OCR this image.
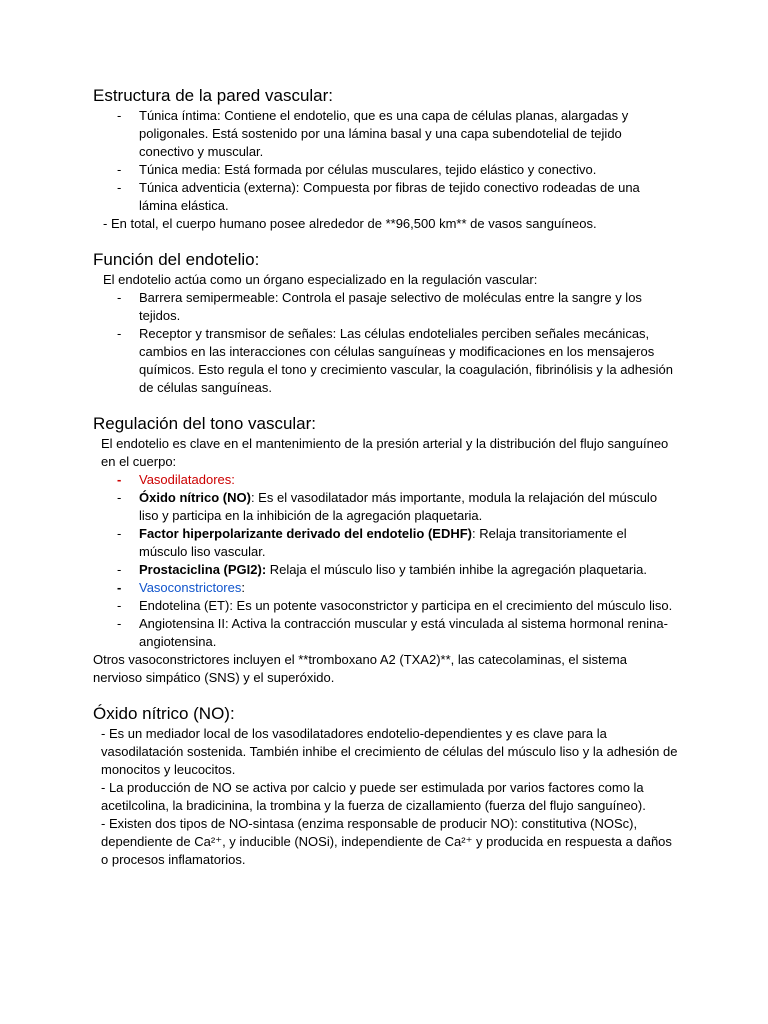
Estructura de la pared vascular:
- Túnica íntima: Contiene el endotelio, que es una capa de células planas, alargadas y poligonales. Está sostenido por una lámina basal y una capa subendotelial de tejido conectivo y muscular.
- Túnica media: Está formada por células musculares, tejido elástico y conectivo.
- Túnica adventicia (externa): Compuesta por fibras de tejido conectivo rodeadas de una lámina elástica.

- En total, el cuerpo humano posee alrededor de **96,500 km** de vasos sanguíneos.

Función del endotelio:

El endotelio actúa como un órgano especializado en la regulación vascular:

- Barrera semipermeable: Controla el pasaje selectivo de moléculas entre la sangre y los tejidos.
- Receptor y transmisor de señales: Las células endoteliales perciben señales mecánicas, cambios en las interacciones con células sanguíneas y modificaciones en los mensajeros químicos. Esto regula el tono y crecimiento vascular, la coagulación, fibrinólisis y la adhesión de células sanguíneas.
Regulación del tono vascular:

El endotelio es clave en el mantenimiento de la presión arterial y la distribución del flujo sanguíneo en el cuerpo:

- Vasodilatadores:
- Óxido nítrico (NO): Es el vasodilatador más importante, modula la relajación del músculo liso y participa en la inhibición de la agregación plaquetaria.
- Factor hiperpolarizante derivado del endotelio (EDHF): Relaja transitoriamente el músculo liso vascular.
- Prostaciclina (PGI2): Relaja el músculo liso y también inhibe la agregación plaquetaria.
- Vasoconstrictores:
- Endotelina (ET): Es un potente vasoconstrictor y participa en el crecimiento del músculo liso.
- Angiotensina II: Activa la contracción muscular y está vinculada al sistema hormonal renina-angiotensina.

Otros vasoconstrictores incluyen el **tromboxano A2 (TXA2)**, las catecolaminas, el sistema nervioso simpático (SNS) y el superóxido.

Óxido nítrico (NO):

- Es un mediador local de los vasodilatadores endotelio-dependientes y es clave para la vasodilatación sostenida. También inhibe el crecimiento de células del músculo liso y la adhesión de monocitos y leucocitos.

- La producción de NO se activa por calcio y puede ser estimulada por varios factores como la acetilcolina, la bradicinina, la trombina y la fuerza de cizallamiento (fuerza del flujo sanguíneo).

- Existen dos tipos de NO-sintasa (enzima responsable de producir NO): constitutiva (NOSc), dependiente de Ca²⁺, y inducible (NOSi), independiente de Ca²⁺ y producida en respuesta a daños o procesos inflamatorios.
